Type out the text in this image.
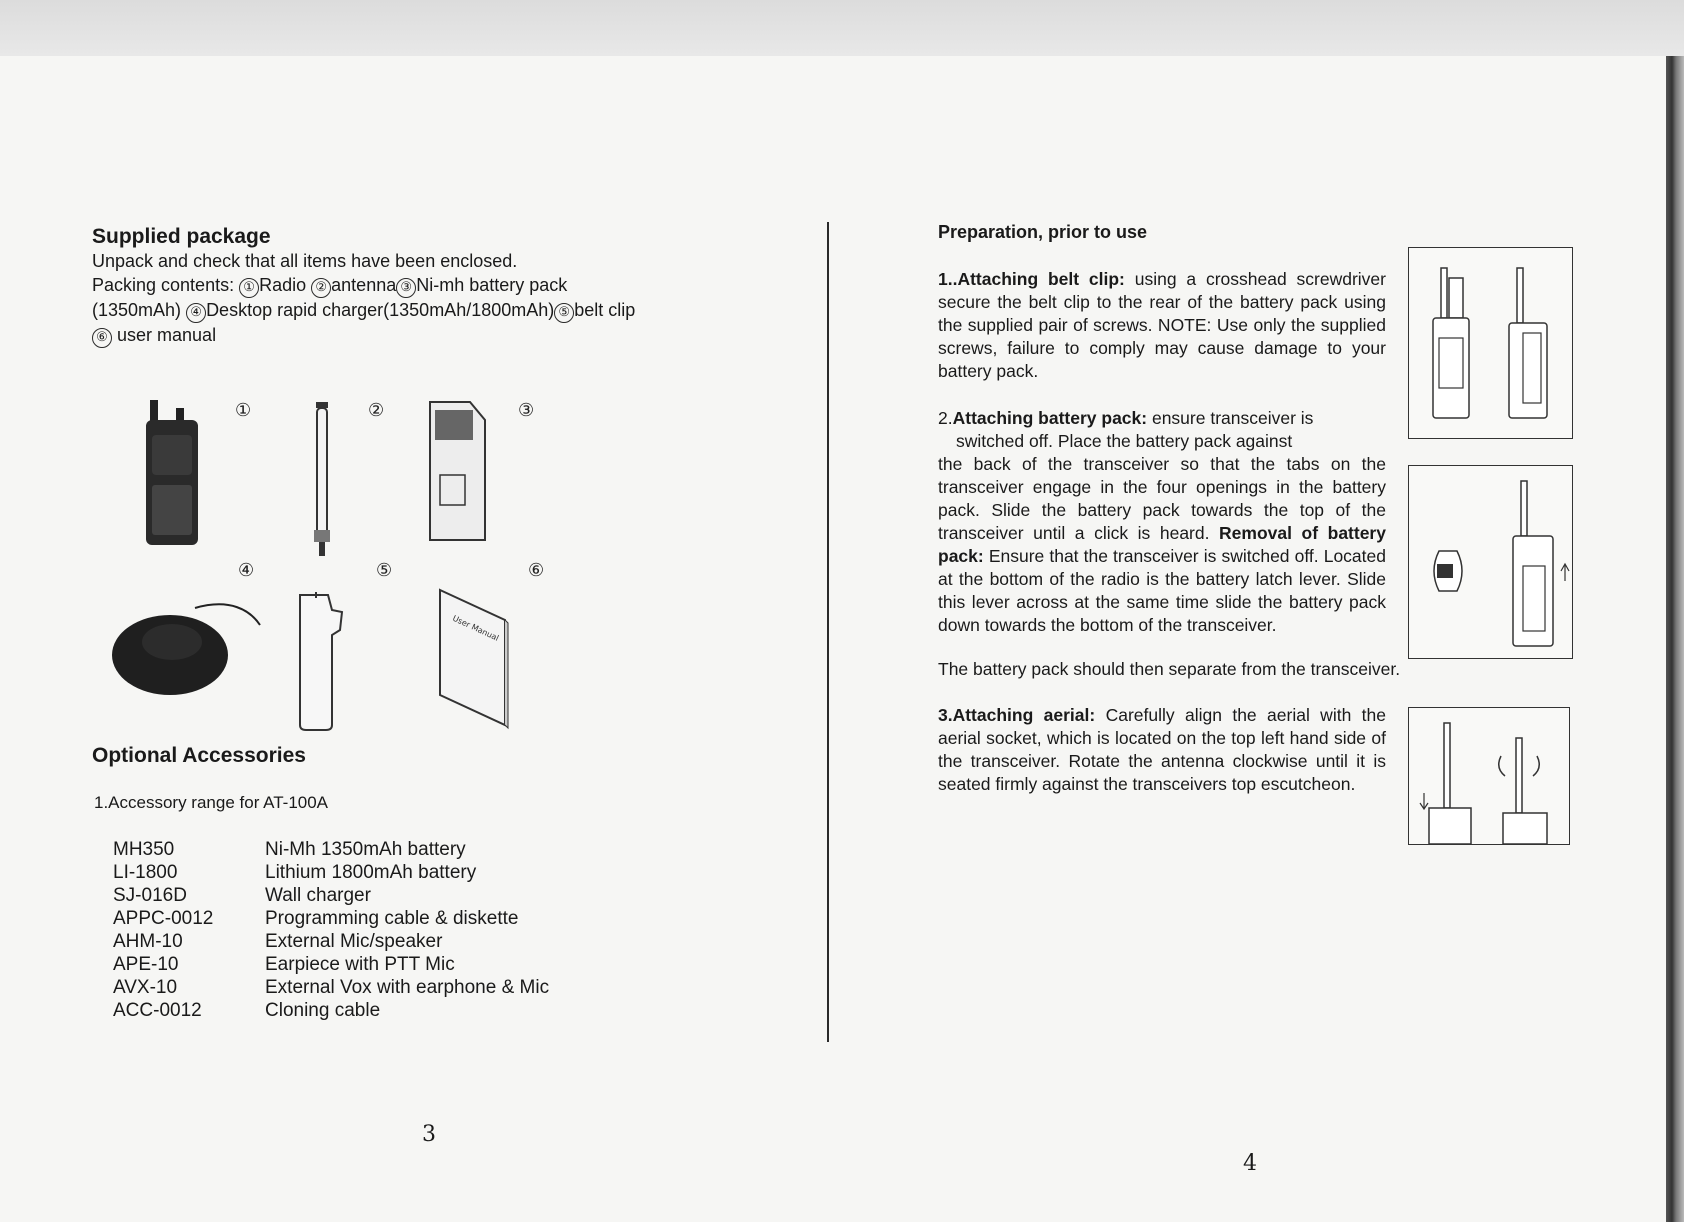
Supplied package
Unpack and check that all items have been enclosed.
Packing contents: ① Radio ② antenna ③ Ni-mh battery pack
(1350mAh) ④ Desktop rapid charger(1350mAh/1800mAh) ⑤ belt clip
⑥ user manual
①	②	③
④	⑤	⑥
User Manual
Optional Accessories
1.Accessory range for AT-100A
MH350	Ni-Mh 1350mAh battery
LI-1800	Lithium 1800mAh battery
SJ-016D	Wall charger
APPC-0012	Programming cable & diskette
AHM-10	External Mic/speaker
APE-10	Earpiece with PTT Mic
AVX-10	External Vox with earphone & Mic
ACC-0012	Cloning cable
3
Preparation, prior to use
1..Attaching belt clip: using a crosshead screwdriver secure the belt clip to the rear of the battery pack using the supplied pair of screws. NOTE: Use only the supplied screws, failure to comply may cause damage to your battery pack.
2.Attaching battery pack: ensure transceiver is
switched off. Place the battery pack against
the back of the transceiver so that the tabs on the transceiver engage in the four openings in the battery pack. Slide the battery pack towards the top of the transceiver until a click is heard. Removal of battery pack: Ensure that the transceiver is switched off. Located at the bottom of the radio is the battery latch lever. Slide this lever across at the same time slide the battery pack down towards the bottom of the transceiver.
The battery pack should then separate from the transceiver.
3.Attaching aerial: Carefully align the aerial with the aerial socket, which is located on the top left hand side of the transceiver. Rotate the antenna clockwise until it is seated firmly against the transceivers top escutcheon.
4
